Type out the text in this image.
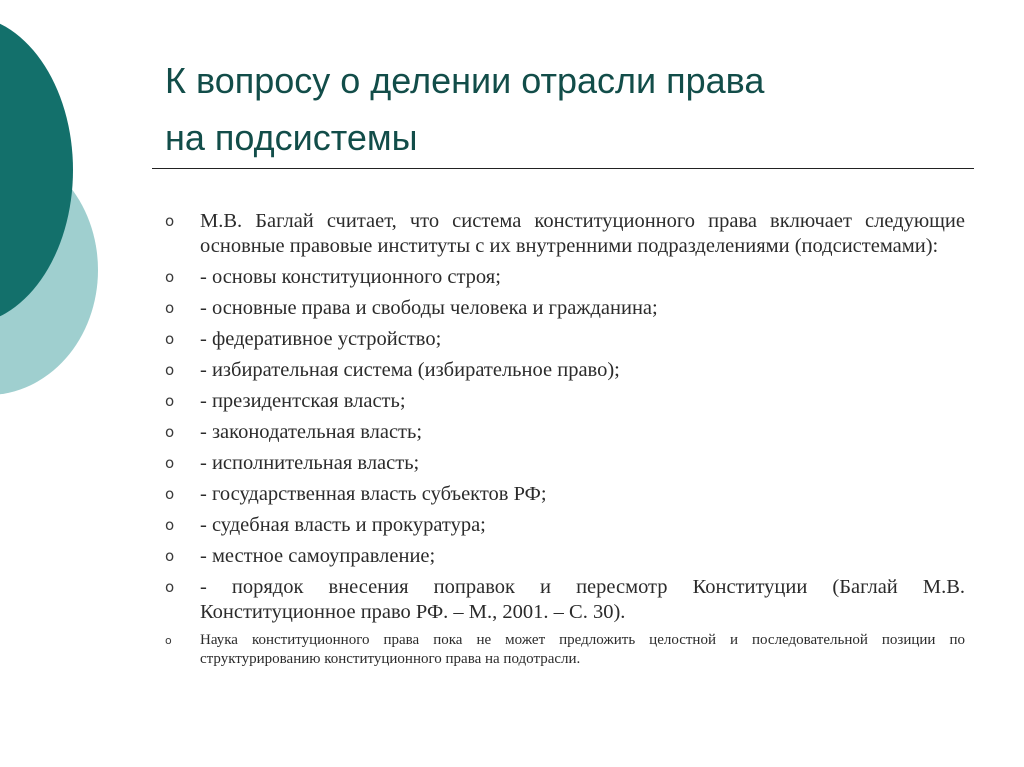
К вопросу о делении отрасли права
на подсистемы
o М.В. Баглай считает, что система конституционного права включает следующие основные правовые институты с их внутренними подразделениями (подсистемами):
o - основы конституционного строя;
o - основные права и свободы человека и гражданина;
o - федеративное устройство;
o - избирательная система (избирательное право);
o - президентская власть;
o - законодательная власть;
o - исполнительная власть;
o - государственная власть субъектов РФ;
o - судебная власть и прокуратура;
o - местное самоуправление;
o - порядок внесения поправок и пересмотр Конституции (Баглай М.В. Конституционное право РФ. – М., 2001. – С. 30).
o Наука конституционного права пока не может предложить целостной и последовательной позиции по структурированию конституционного права на подотрасли.
